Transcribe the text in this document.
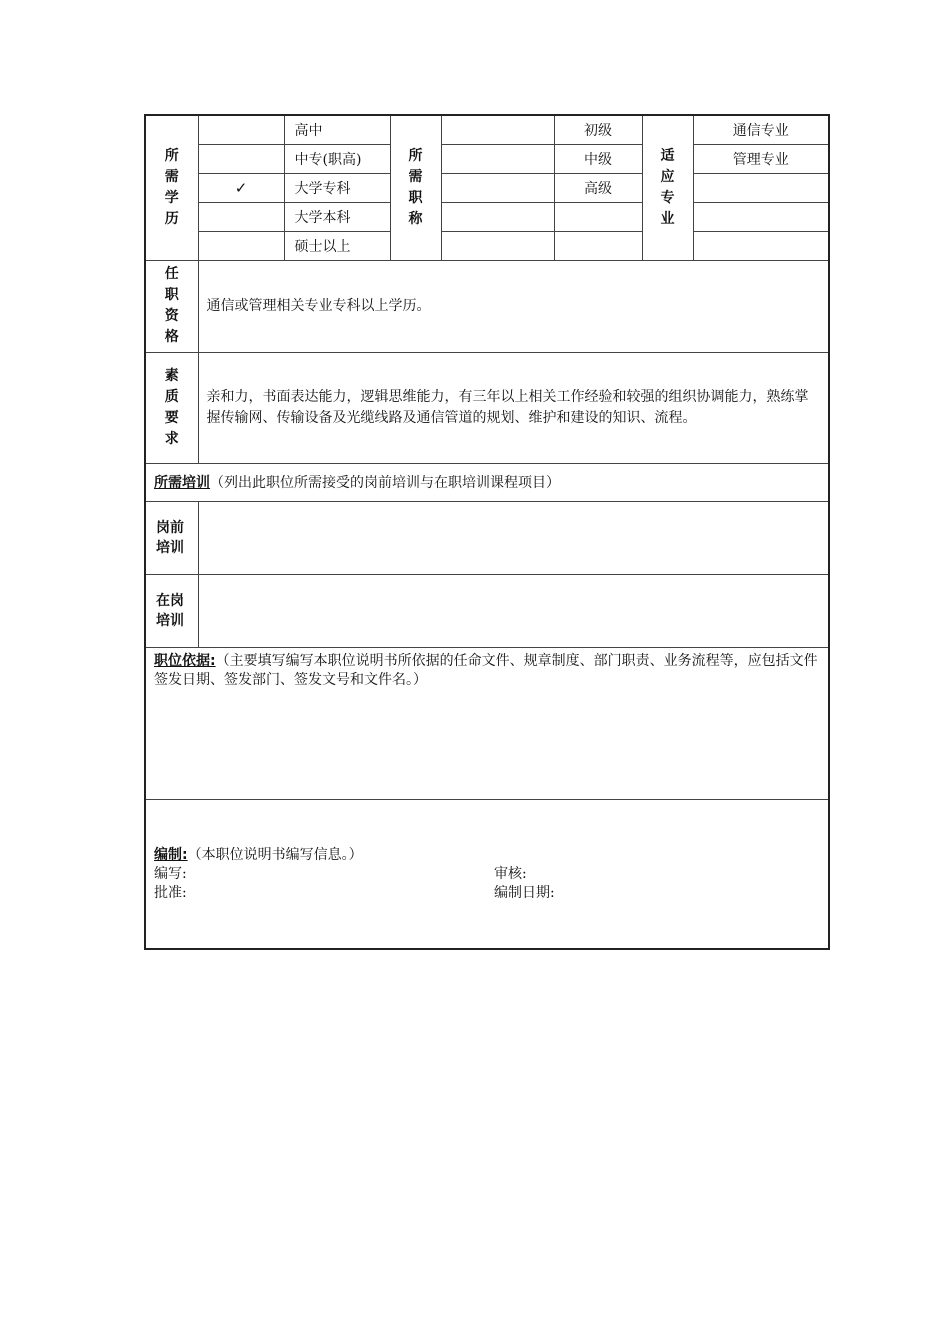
所需学历		高中	所需职称		初级	适应专业	通信专业
		中专(职高)			中级		管理专业
	✓	大学专科			高级		
		大学本科					
		硕士以上					

任职资格	通信或管理相关专业专科以上学历。						

素质要求	亲和力，书面表达能力，逻辑思维能力，有三年以上相关工作经验和较强的组织协调能力，熟练掌握传输网、传输设备及光缆线路及通信管道的规划、维护和建设的知识、流程。						
所需培训（列出此职位所需接受的岗前培训与在职培训课程项目）							

岗前
培训							

在岗
培训							

职位依据:（主要填写编写本职位说明书所依据的任命文件、规章制度、部门职责、业务流程等，应包括文件签发日期、签发部门、签发文号和文件名。）							

编制:（本职位说明书编写信息。）
编写: 审核:
批准: 编制日期:							
